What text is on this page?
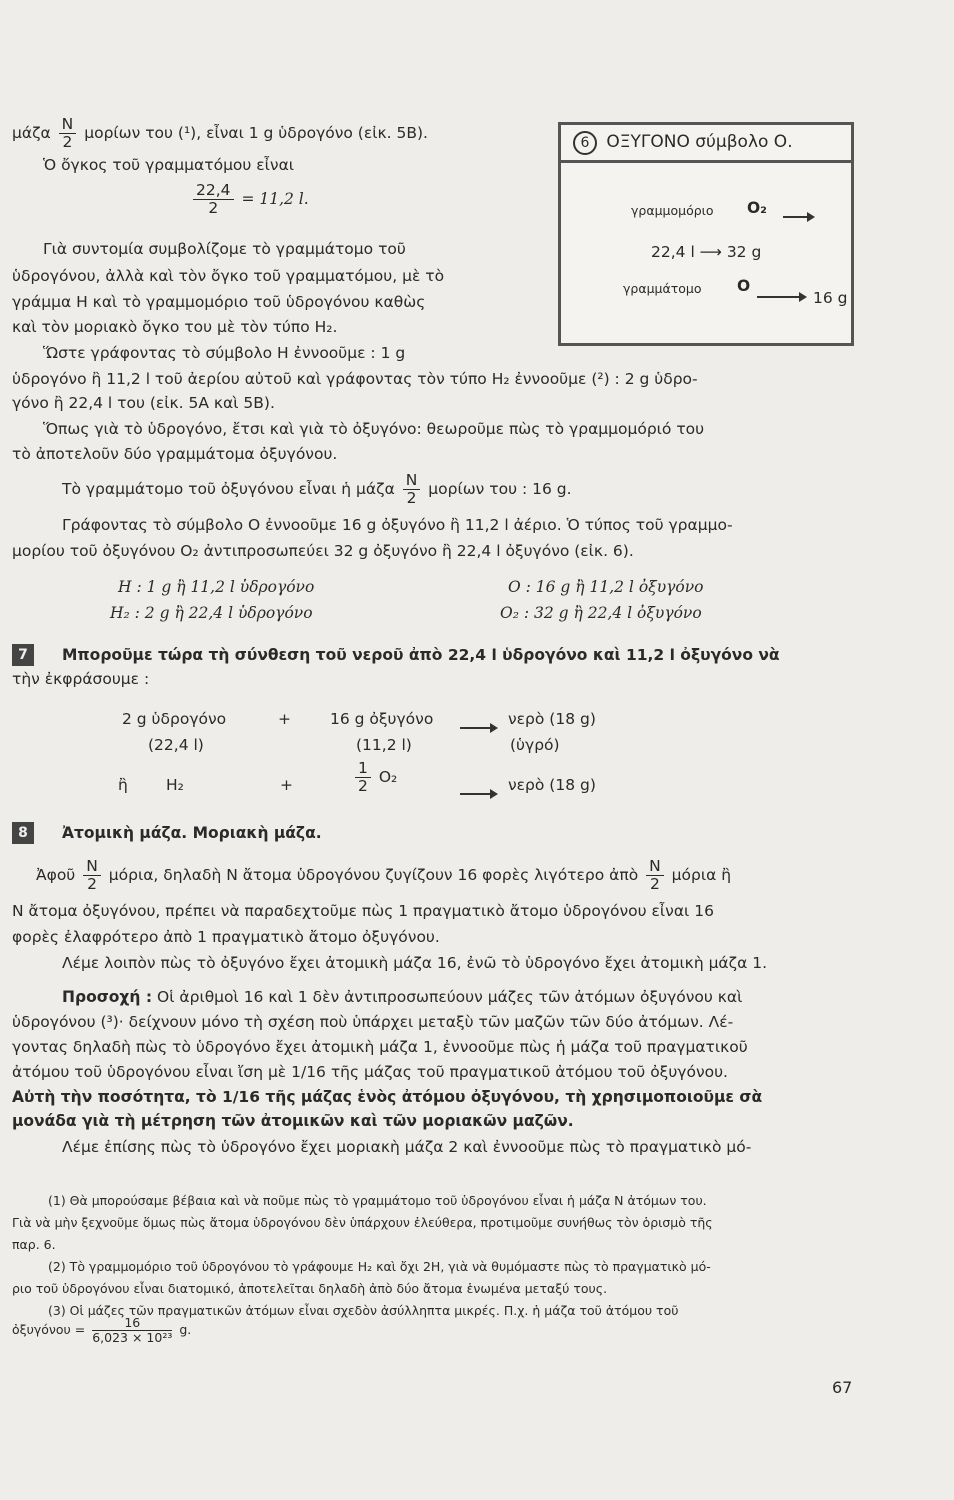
μάζα $\frac{N}{2}$ μορίων του (¹), εἶναι 1 g ὑδρογόνο (εἰκ. 5Β).
Ὁ ὄγκος τοῦ γραμματόμου εἶναι
$\frac{22,4}{2} = 11,2$ l.
Γιὰ συντομία συμβολίζομε τὸ γραμμάτομο τοῦ
ὑδρογόνου, ἀλλὰ καὶ τὸν ὄγκο τοῦ γραμματόμου, μὲ τὸ
γράμμα Η καὶ τὸ γραμμομόριο τοῦ ὑδρογόνου καθὼς
καὶ τὸν μοριακὸ ὄγκο του μὲ τὸν τύπο Η₂.
Ὥστε γράφοντας τὸ σύμβολο Η ἐννοοῦμε : 1 g
ὑδρογόνο ἢ 11,2 l τοῦ ἀερίου αὐτοῦ καὶ γράφοντας τὸν τύπο Η₂ ἐννοοῦμε (²) : 2 g ὑδρο-
γόνο ἢ 22,4 l του (εἰκ. 5Α καὶ 5Β).
Ὅπως γιὰ τὸ ὑδρογόνο, ἔτσι καὶ γιὰ τὸ ὀξυγόνο: θεωροῦμε πὼς τὸ γραμμομόριό του
τὸ ἀποτελοῦν δύο γραμμάτομα ὀξυγόνου.
Τὸ γραμμάτομο τοῦ ὀξυγόνου εἶναι ἡ μάζα $\frac{N}{2}$ μορίων του : 16 g.
Γράφοντας τὸ σύμβολο Ο ἐννοοῦμε 16 g ὀξυγόνο ἢ 11,2 l ἀέριο. Ὁ τύπος τοῦ γραμμο-
μορίου τοῦ ὀξυγόνου Ο₂ ἀντιπροσωπεύει 32 g ὀξυγόνο ἢ 22,4 l ὀξυγόνο (εἰκ. 6).
Η : 1 g ἢ 11,2 l ὑδρογόνο	Ο : 16 g ἢ 11,2 l ὀξυγόνο
Η₂ : 2 g ἢ 22,4 l ὑδρογόνο	Ο₂ : 32 g ἢ 22,4 l ὀξυγόνο
6 ΟΞΥΓΟΝΟ σύμβολο Ο.
γραμμομόριο Ο₂
22,4 l ⟶ 32 g
γραμμάτομο Ο
16 g
7	Μποροῦμε τώρα τὴ σύνθεση τοῦ νεροῦ ἀπὸ 22,4 l ὑδρογόνο καὶ 11,2 l ὀξυγόνο νὰ
τὴν ἐκφράσουμε :
2 g ὑδρογόνο	+	16 g ὀξυγόνο	νερὸ (18 g)
(22,4 l)	(11,2 l)	(ὑγρό)
ἢ Η₂	+	$\frac{1}{2} O_2$	νερὸ (18 g)
8	Ἀτομικὴ μάζα. Μοριακὴ μάζα.
Ἀφοῦ $\frac{N}{2} \mu ό\rho\iota\alpha$, δηλαδὴ N ἄτομα ὑδρογόνου ζυγίζουν 16 φορὲς λιγότερο ἀπὸ $\frac{N}{2}$ μόρια ἢ
N ἄτομα ὀξυγόνου, πρέπει νὰ παραδεχτοῦμε πὼς 1 πραγματικὸ ἄτομο ὑδρογόνου εἶναι 16
φορὲς ἐλαφρότερο ἀπὸ 1 πραγματικὸ ἄτομο ὀξυγόνου.
Λέμε λοιπὸν πὼς τὸ ὀξυγόνο ἔχει ἀτομικὴ μάζα 16, ἐνῶ τὸ ὑδρογόνο ἔχει ἀτομικὴ μάζα 1.
Προσοχή : Οἱ ἀριθμοὶ 16 καὶ 1 δὲν ἀντιπροσωπεύουν μάζες τῶν ἀτόμων ὀξυγόνου καὶ
ὑδρογόνου (³)· δείχνουν μόνο τὴ σχέση ποὺ ὑπάρχει μεταξὺ τῶν μαζῶν τῶν δύο ἀτόμων. Λέ-
γοντας δηλαδὴ πὼς τὸ ὑδρογόνο ἔχει ἀτομικὴ μάζα 1, ἐννοοῦμε πὼς ἡ μάζα τοῦ πραγματικοῦ
ἀτόμου τοῦ ὑδρογόνου εἶναι ἴση μὲ 1/16 τῆς μάζας τοῦ πραγματικοῦ ἀτόμου τοῦ ὀξυγόνου.
Αὐτὴ τὴν ποσότητα, τὸ 1/16 τῆς μάζας ἑνὸς ἀτόμου ὀξυγόνου, τὴ χρησιμοποιοῦμε σὰ
μονάδα γιὰ τὴ μέτρηση τῶν ἀτομικῶν καὶ τῶν μοριακῶν μαζῶν.
Λέμε ἐπίσης πὼς τὸ ὑδρογόνο ἔχει μοριακὴ μάζα 2 καὶ ἐννοοῦμε πὼς τὸ πραγματικὸ μό-
(1) Θὰ μπορούσαμε βέβαια καὶ νὰ ποῦμε πὼς τὸ γραμμάτομο τοῦ ὑδρογόνου εἶναι ἡ μάζα N ἀτόμων του.
Γιὰ νὰ μὴν ξεχνοῦμε ὅμως πὼς ἄτομα ὑδρογόνου δὲν ὑπάρχουν ἐλεύθερα, προτιμοῦμε συνήθως τὸν ὁρισμὸ τῆς
παρ. 6.
(2) Τὸ γραμμομόριο τοῦ ὑδρογόνου τὸ γράφουμε Η₂ καὶ ὄχι 2Η, γιὰ νὰ θυμόμαστε πὼς τὸ πραγματικὸ μό-
ριο τοῦ ὑδρογόνου εἶναι διατομικό, ἀποτελεῖται δηλαδὴ ἀπὸ δύο ἄτομα ἑνωμένα μεταξύ τους.
(3) Οἱ μάζες τῶν πραγματικῶν ἀτόμων εἶναι σχεδὸν ἀσύλληπτα μικρές. Π.χ. ἡ μάζα τοῦ ἀτόμου τοῦ
ὀξυγόνου = $\frac{16}{\text{6,023 × 10²³}} g$.
67
